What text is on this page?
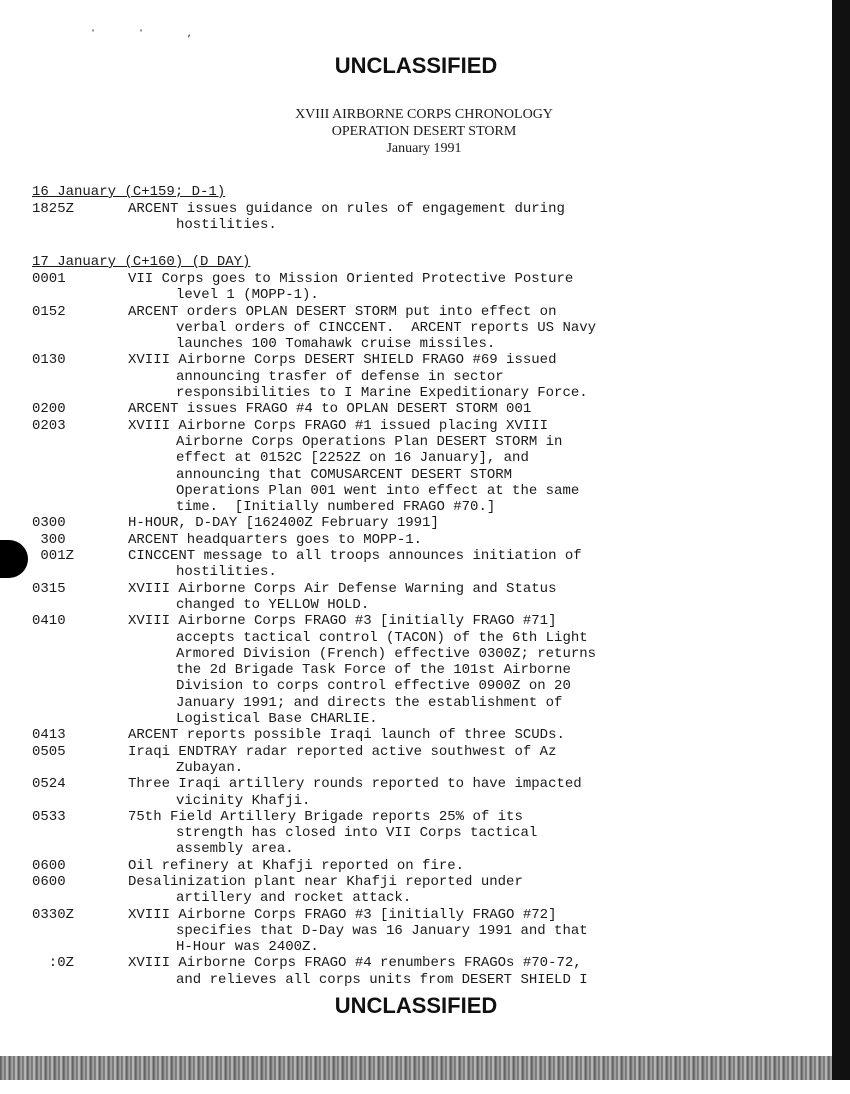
' ' ,
UNCLASSIFIED
XVIII AIRBORNE CORPS CHRONOLOGY
OPERATION DESERT STORM
January 1991
16 January (C+159; D-1)
1825Z	ARCENT issues guidance on rules of engagement during
hostilities.
17 January (C+160) (D DAY)
0001	VII Corps goes to Mission Oriented Protective Posture
level 1 (MOPP-1).
0152	ARCENT orders OPLAN DESERT STORM put into effect on
verbal orders of CINCCENT.  ARCENT reports US Navy
launches 100 Tomahawk cruise missiles.
0130	XVIII Airborne Corps DESERT SHIELD FRAGO #69 issued
announcing trasfer of defense in sector
responsibilities to I Marine Expeditionary Force.
0200	ARCENT issues FRAGO #4 to OPLAN DESERT STORM 001
0203	XVIII Airborne Corps FRAGO #1 issued placing XVIII
Airborne Corps Operations Plan DESERT STORM in
effect at 0152C [2252Z on 16 January], and
announcing that COMUSARCENT DESERT STORM
Operations Plan 001 went into effect at the same
time.  [Initially numbered FRAGO #70.]
0300	H-HOUR, D-DAY [162400Z February 1991]
300	ARCENT headquarters goes to MOPP-1.
001Z	CINCCENT message to all troops announces initiation of
hostilities.
0315	XVIII Airborne Corps Air Defense Warning and Status
changed to YELLOW HOLD.
0410	XVIII Airborne Corps FRAGO #3 [initially FRAGO #71]
accepts tactical control (TACON) of the 6th Light
Armored Division (French) effective 0300Z; returns
the 2d Brigade Task Force of the 101st Airborne
Division to corps control effective 0900Z on 20
January 1991; and directs the establishment of
Logistical Base CHARLIE.
0413	ARCENT reports possible Iraqi launch of three SCUDs.
0505	Iraqi ENDTRAY radar reported active southwest of Az
Zubayan.
0524	Three Iraqi artillery rounds reported to have impacted
vicinity Khafji.
0533	75th Field Artillery Brigade reports 25% of its
strength has closed into VII Corps tactical
assembly area.
0600	Oil refinery at Khafji reported on fire.
0600	Desalinization plant near Khafji reported under
artillery and rocket attack.
0330Z	XVIII Airborne Corps FRAGO #3 [initially FRAGO #72]
specifies that D-Day was 16 January 1991 and that
H-Hour was 2400Z.
:0Z	XVIII Airborne Corps FRAGO #4 renumbers FRAGOs #70-72,
and relieves all corps units from DESERT SHIELD I
UNCLASSIFIED
